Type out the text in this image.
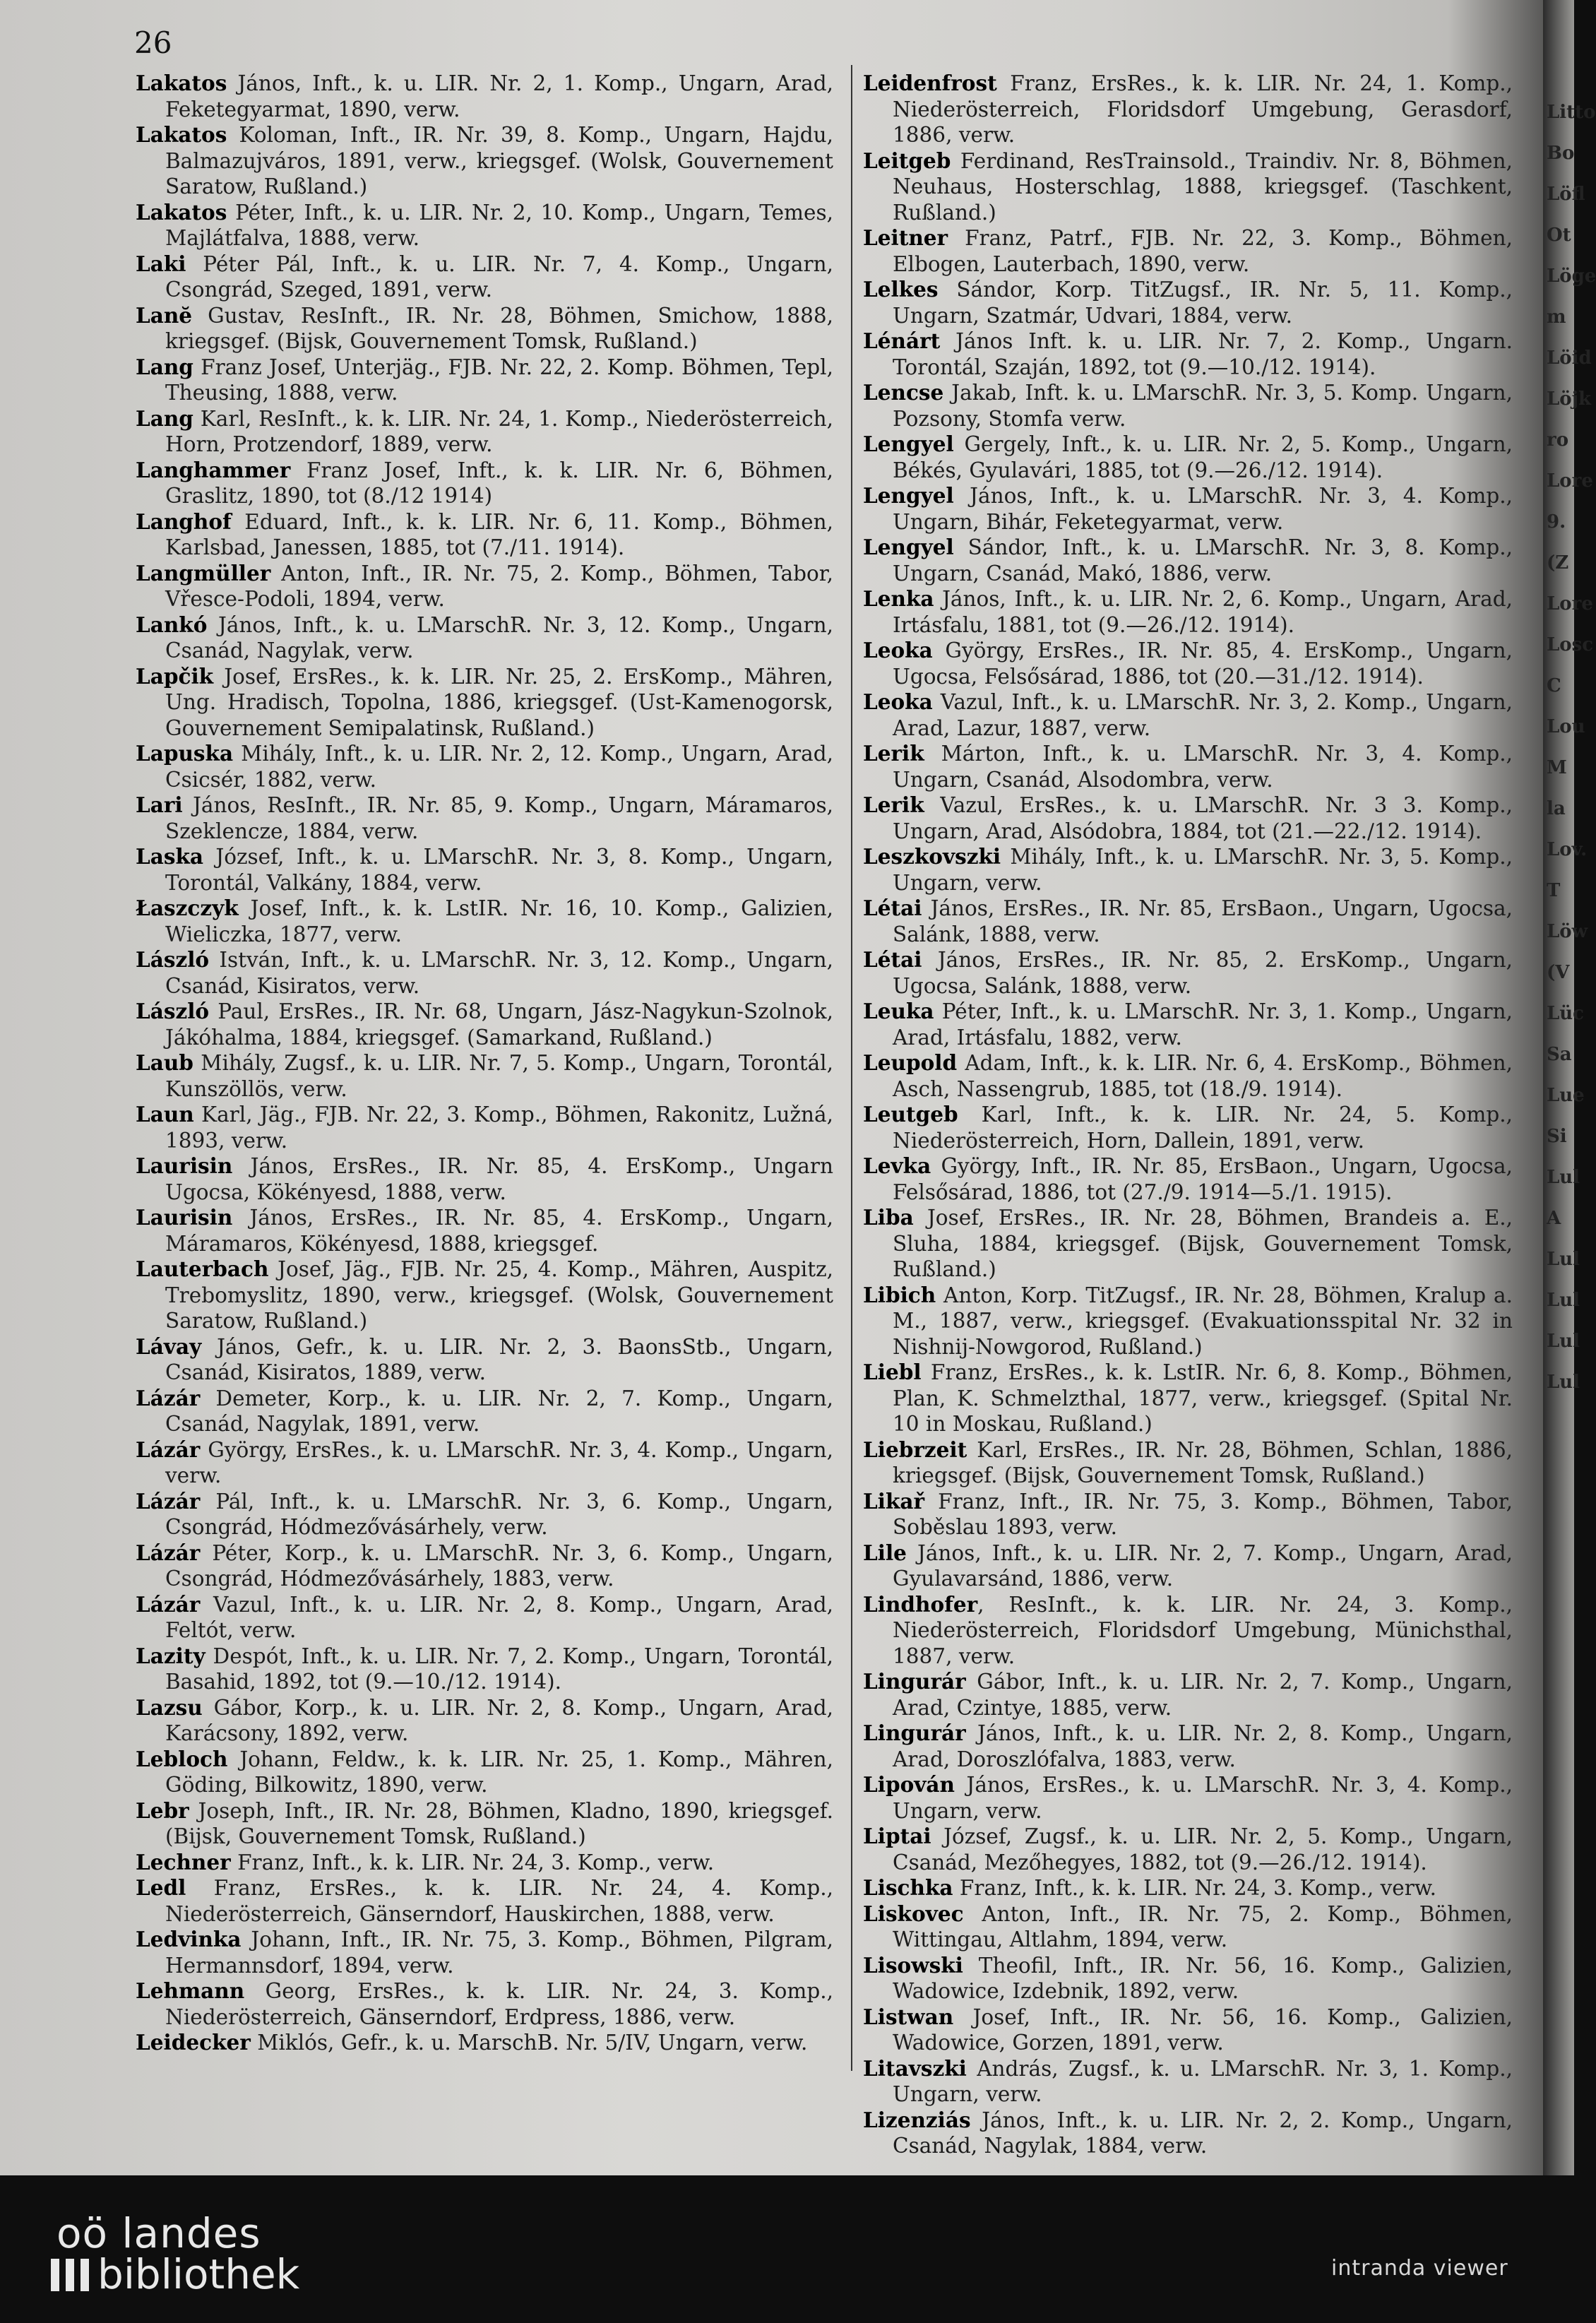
26
Lakatos János, Inft., k. u. LIR. Nr. 2, 1. Komp., Ungarn, Arad, Feketegyarmat, 1890, verw.
Lakatos Koloman, Inft., IR. Nr. 39, 8. Komp., Ungarn, Hajdu, Balmazujváros, 1891, verw., kriegsgef. (Wolsk, Gouvernement Saratow, Rußland.)
Lakatos Péter, Inft., k. u. LIR. Nr. 2, 10. Komp., Ungarn, Temes, Majlátfalva, 1888, verw.
Laki Péter Pál, Inft., k. u. LIR. Nr. 7, 4. Komp., Ungarn, Csongrád, Szeged, 1891, verw.
Lanĕ Gustav, ResInft., IR. Nr. 28, Böhmen, Smichow, 1888, kriegsgef. (Bijsk, Gouvernement Tomsk, Rußland.)
Lang Franz Josef, Unterjäg., FJB. Nr. 22, 2. Komp. Böhmen, Tepl, Theusing, 1888, verw.
Lang Karl, ResInft., k. k. LIR. Nr. 24, 1. Komp., Niederösterreich, Horn, Protzendorf, 1889, verw.
Langhammer Franz Josef, Inft., k. k. LIR. Nr. 6, Böhmen, Graslitz, 1890, tot (8./12 1914)
Langhof Eduard, Inft., k. k. LIR. Nr. 6, 11. Komp., Böhmen, Karlsbad, Janessen, 1885, tot (7./11. 1914).
Langmüller Anton, Inft., IR. Nr. 75, 2. Komp., Böhmen, Tabor, Vřesce-Podoli, 1894, verw.
Lankó János, Inft., k. u. LMarschR. Nr. 3, 12. Komp., Ungarn, Csanád, Nagylak, verw.
Lapčik Josef, ErsRes., k. k. LIR. Nr. 25, 2. ErsKomp., Mähren, Ung. Hradisch, Topolna, 1886, kriegsgef. (Ust-Kamenogorsk, Gouvernement Semipalatinsk, Rußland.)
Lapuska Mihály, Inft., k. u. LIR. Nr. 2, 12. Komp., Ungarn, Arad, Csicsér, 1882, verw.
Lari János, ResInft., IR. Nr. 85, 9. Komp., Ungarn, Máramaros, Szeklencze, 1884, verw.
Laska József, Inft., k. u. LMarschR. Nr. 3, 8. Komp., Ungarn, Torontál, Valkány, 1884, verw.
Łaszczyk Josef, Inft., k. k. LstIR. Nr. 16, 10. Komp., Galizien, Wieliczka, 1877, verw.
László István, Inft., k. u. LMarschR. Nr. 3, 12. Komp., Ungarn, Csanád, Kisiratos, verw.
László Paul, ErsRes., IR. Nr. 68, Ungarn, Jász-Nagykun-Szolnok, Jákóhalma, 1884, kriegsgef. (Samarkand, Rußland.)
Laub Mihály, Zugsf., k. u. LIR. Nr. 7, 5. Komp., Ungarn, Torontál, Kunszöllös, verw.
Laun Karl, Jäg., FJB. Nr. 22, 3. Komp., Böhmen, Rakonitz, Lužná, 1893, verw.
Laurisin János, ErsRes., IR. Nr. 85, 4. ErsKomp., Ungarn Ugocsa, Kökényesd, 1888, verw.
Laurisin János, ErsRes., IR. Nr. 85, 4. ErsKomp., Ungarn, Máramaros, Kökényesd, 1888, kriegsgef.
Lauterbach Josef, Jäg., FJB. Nr. 25, 4. Komp., Mähren, Auspitz, Trebomyslitz, 1890, verw., kriegsgef. (Wolsk, Gouvernement Saratow, Rußland.)
Lávay János, Gefr., k. u. LIR. Nr. 2, 3. BaonsStb., Ungarn, Csanád, Kisiratos, 1889, verw.
Lázár Demeter, Korp., k. u. LIR. Nr. 2, 7. Komp., Ungarn, Csanád, Nagylak, 1891, verw.
Lázár György, ErsRes., k. u. LMarschR. Nr. 3, 4. Komp., Ungarn, verw.
Lázár Pál, Inft., k. u. LMarschR. Nr. 3, 6. Komp., Ungarn, Csongrád, Hódmezővásárhely, verw.
Lázár Péter, Korp., k. u. LMarschR. Nr. 3, 6. Komp., Ungarn, Csongrád, Hódmezővásárhely, 1883, verw.
Lázár Vazul, Inft., k. u. LIR. Nr. 2, 8. Komp., Ungarn, Arad, Feltót, verw.
Lazity Despót, Inft., k. u. LIR. Nr. 7, 2. Komp., Ungarn, Torontál, Basahid, 1892, tot (9.—10./12. 1914).
Lazsu Gábor, Korp., k. u. LIR. Nr. 2, 8. Komp., Ungarn, Arad, Karácsony, 1892, verw.
Lebloch Johann, Feldw., k. k. LIR. Nr. 25, 1. Komp., Mähren, Göding, Bilkowitz, 1890, verw.
Lebr Joseph, Inft., IR. Nr. 28, Böhmen, Kladno, 1890, kriegsgef. (Bijsk, Gouvernement Tomsk, Rußland.)
Lechner Franz, Inft., k. k. LIR. Nr. 24, 3. Komp., verw.
Ledl Franz, ErsRes., k. k. LIR. Nr. 24, 4. Komp., Niederösterreich, Gänserndorf, Hauskirchen, 1888, verw.
Ledvinka Johann, Inft., IR. Nr. 75, 3. Komp., Böhmen, Pilgram, Hermannsdorf, 1894, verw.
Lehmann Georg, ErsRes., k. k. LIR. Nr. 24, 3. Komp., Niederösterreich, Gänserndorf, Erdpress, 1886, verw.
Leidecker Miklós, Gefr., k. u. MarschB. Nr. 5/IV, Ungarn, verw.
Leidenfrost Franz, ErsRes., k. k. LIR. Nr. 24, 1. Komp., Niederösterreich, Floridsdorf Umgebung, Gerasdorf, 1886, verw.
Leitgeb Ferdinand, ResTrainsold., Traindiv. Nr. 8, Böhmen, Neuhaus, Hosterschlag, 1888, kriegsgef. (Taschkent, Rußland.)
Leitner Franz, Patrf., FJB. Nr. 22, 3. Komp., Böhmen, Elbogen, Lauterbach, 1890, verw.
Lelkes Sándor, Korp. TitZugsf., IR. Nr. 5, 11. Komp., Ungarn, Szatmár, Udvari, 1884, verw.
Lénárt János Inft. k. u. LIR. Nr. 7, 2. Komp., Ungarn. Torontál, Szaján, 1892, tot (9.—10./12. 1914).
Lencse Jakab, Inft. k. u. LMarschR. Nr. 3, 5. Komp. Ungarn, Pozsony, Stomfa verw.
Lengyel Gergely, Inft., k. u. LIR. Nr. 2, 5. Komp., Ungarn, Békés, Gyulavári, 1885, tot (9.—26./12. 1914).
Lengyel János, Inft., k. u. LMarschR. Nr. 3, 4. Komp., Ungarn, Bihár, Feketegyarmat, verw.
Lengyel Sándor, Inft., k. u. LMarschR. Nr. 3, 8. Komp., Ungarn, Csanád, Makó, 1886, verw.
Lenka János, Inft., k. u. LIR. Nr. 2, 6. Komp., Ungarn, Arad, Irtásfalu, 1881, tot (9.—26./12. 1914).
Leoka György, ErsRes., IR. Nr. 85, 4. ErsKomp., Ungarn, Ugocsa, Felsősárad, 1886, tot (20.—31./12. 1914).
Leoka Vazul, Inft., k. u. LMarschR. Nr. 3, 2. Komp., Ungarn, Arad, Lazur, 1887, verw.
Lerik Márton, Inft., k. u. LMarschR. Nr. 3, 4. Komp., Ungarn, Csanád, Alsodombra, verw.
Lerik Vazul, ErsRes., k. u. LMarschR. Nr. 3 3. Komp., Ungarn, Arad, Alsódobra, 1884, tot (21.—22./12. 1914).
Leszkovszki Mihály, Inft., k. u. LMarschR. Nr. 3, 5. Komp., Ungarn, verw.
Létai János, ErsRes., IR. Nr. 85, ErsBaon., Ungarn, Ugocsa, Salánk, 1888, verw.
Létai János, ErsRes., IR. Nr. 85, 2. ErsKomp., Ungarn, Ugocsa, Salánk, 1888, verw.
Leuka Péter, Inft., k. u. LMarschR. Nr. 3, 1. Komp., Ungarn, Arad, Irtásfalu, 1882, verw.
Leupold Adam, Inft., k. k. LIR. Nr. 6, 4. ErsKomp., Böhmen, Asch, Nassengrub, 1885, tot (18./9. 1914).
Leutgeb Karl, Inft., k. k. LIR. Nr. 24, 5. Komp., Niederösterreich, Horn, Dallein, 1891, verw.
Levka György, Inft., IR. Nr. 85, ErsBaon., Ungarn, Ugocsa, Felsősárad, 1886, tot (27./9. 1914—5./1. 1915).
Liba Josef, ErsRes., IR. Nr. 28, Böhmen, Brandeis a. E., Sluha, 1884, kriegsgef. (Bijsk, Gouvernement Tomsk, Rußland.)
Libich Anton, Korp. TitZugsf., IR. Nr. 28, Böhmen, Kralup a. M., 1887, verw., kriegsgef. (Evakuationsspital Nr. 32 in Nishnij-Nowgorod, Rußland.)
Liebl Franz, ErsRes., k. k. LstIR. Nr. 6, 8. Komp., Böhmen, Plan, K. Schmelzthal, 1877, verw., kriegsgef. (Spital Nr. 10 in Moskau, Rußland.)
Liebrzeit Karl, ErsRes., IR. Nr. 28, Böhmen, Schlan, 1886, kriegsgef. (Bijsk, Gouvernement Tomsk, Rußland.)
Likař Franz, Inft., IR. Nr. 75, 3. Komp., Böhmen, Tabor, Soběslau 1893, verw.
Lile János, Inft., k. u. LIR. Nr. 2, 7. Komp., Ungarn, Arad, Gyulavarsánd, 1886, verw.
Lindhofer, ResInft., k. k. LIR. Nr. 24, 3. Komp., Niederösterreich, Floridsdorf Umgebung, Münichsthal, 1887, verw.
Lingurár Gábor, Inft., k. u. LIR. Nr. 2, 7. Komp., Ungarn, Arad, Czintye, 1885, verw.
Lingurár János, Inft., k. u. LIR. Nr. 2, 8. Komp., Ungarn, Arad, Doroszlófalva, 1883, verw.
Lipován János, ErsRes., k. u. LMarschR. Nr. 3, 4. Komp., Ungarn, verw.
Liptai József, Zugsf., k. u. LIR. Nr. 2, 5. Komp., Ungarn, Csanád, Mezőhegyes, 1882, tot (9.—26./12. 1914).
Lischka Franz, Inft., k. k. LIR. Nr. 24, 3. Komp., verw.
Liskovec Anton, Inft., IR. Nr. 75, 2. Komp., Böhmen, Wittingau, Altlahm, 1894, verw.
Lisowski Theofil, Inft., IR. Nr. 56, 16. Komp., Galizien, Wadowice, Izdebnik, 1892, verw.
Listwan Josef, Inft., IR. Nr. 56, 16. Komp., Galizien, Wadowice, Gorzen, 1891, verw.
Litavszki András, Zugsf., k. u. LMarschR. Nr. 3, 1. Komp., Ungarn, verw.
Lizenziás János, Inft., k. u. LIR. Nr. 2, 2. Komp., Ungarn, Csanád, Nagylak, 1884, verw.
Litto Bo Löfl Ot Löge m Löid Löjk ro Lore 9. (Z Lore Losc C Lou M la Lov. T Löw (V Lüc Sa Lue Si Lul A Lul Lul Lul Lul
oö landes
bibliothek	intranda viewer
